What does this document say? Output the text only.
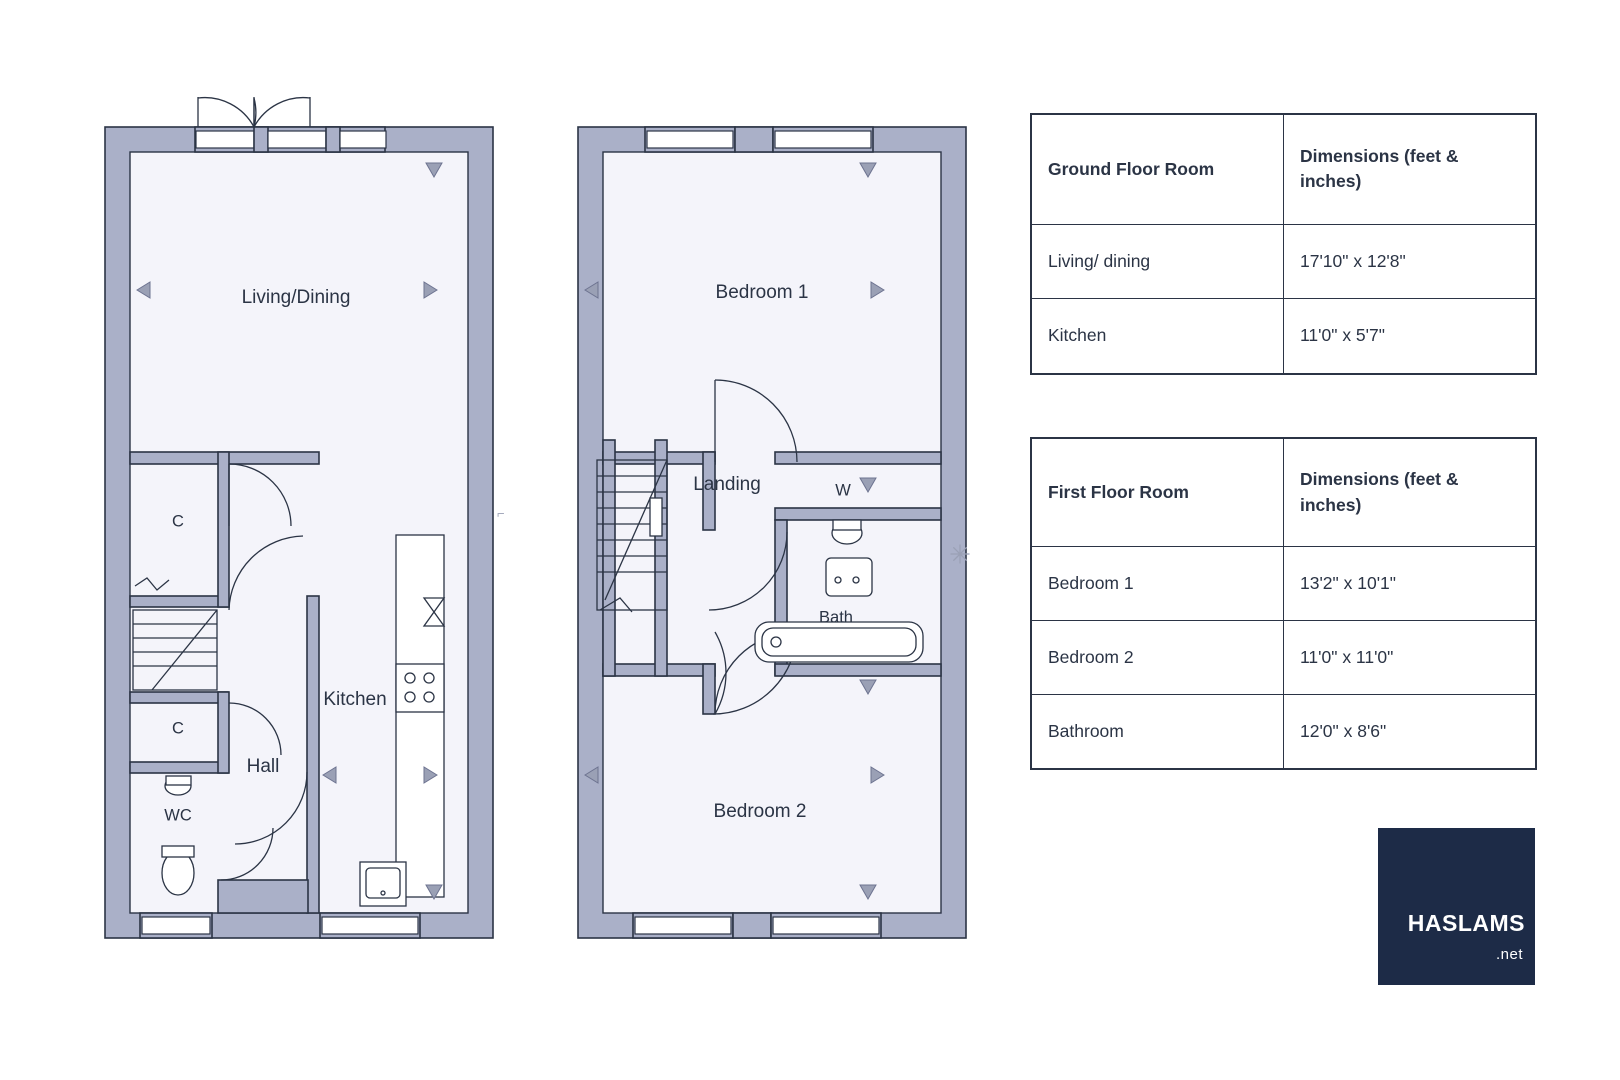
⌐
Living/Dining
Kitchen
Hall
WC
C
C
Bedroom 1
Bedroom 2
Landing
Bath
W
✳
Ground Floor Room	Dimensions (feet & inches)
Living/ dining	17'10" x 12'8"
Kitchen	11'0" x 5'7"
First Floor Room	Dimensions (feet & inches)
Bedroom 1	13'2" x 10'1"
Bedroom 2	11'0" x 11'0"
Bathroom	12'0" x 8'6"
HASLAMS
.net
